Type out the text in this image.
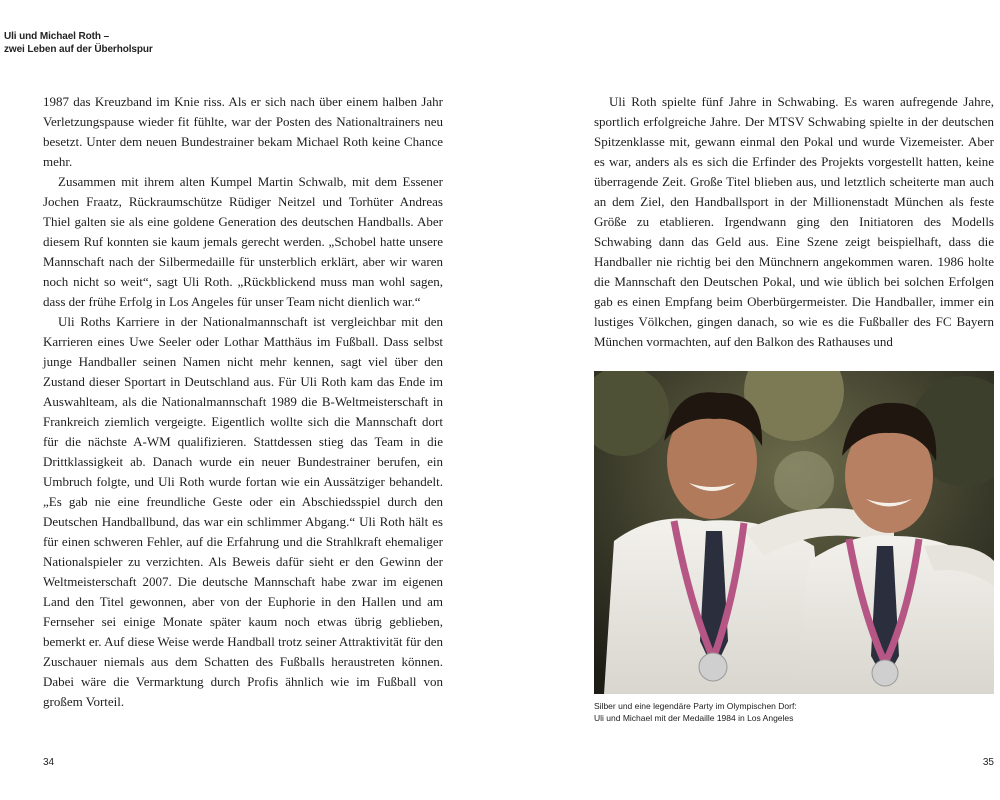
Uli und Michael Roth –
zwei Leben auf der Überholspur

1987 das Kreuzband im Knie riss. Als er sich nach über einem halben Jahr Verletzungspause wieder fit fühlte, war der Posten des Nationaltrainers neu besetzt. Unter dem neuen Bundestrainer bekam Michael Roth keine Chance mehr.

Zusammen mit ihrem alten Kumpel Martin Schwalb, mit dem Essener Jochen Fraatz, Rückraumschütze Rüdiger Neitzel und Torhüter Andreas Thiel galten sie als eine goldene Generation des deutschen Handballs. Aber diesem Ruf konnten sie kaum jemals gerecht werden. „Schobel hatte unsere Mannschaft nach der Silbermedaille für unsterblich erklärt, aber wir waren noch nicht so weit“, sagt Uli Roth. „Rückblickend muss man wohl sagen, dass der frühe Erfolg in Los Angeles für unser Team nicht dienlich war.“

Uli Roths Karriere in der Nationalmannschaft ist vergleichbar mit den Karrieren eines Uwe Seeler oder Lothar Matthäus im Fußball. Dass selbst junge Handballer seinen Namen nicht mehr kennen, sagt viel über den Zustand dieser Sportart in Deutschland aus. Für Uli Roth kam das Ende im Auswahlteam, als die Nationalmannschaft 1989 die B-Weltmeisterschaft in Frankreich ziemlich vergeigte. Eigentlich wollte sich die Mannschaft dort für die nächste A-WM qualifizieren. Stattdessen stieg das Team in die Drittklassigkeit ab. Danach wurde ein neuer Bundestrainer berufen, ein Umbruch folgte, und Uli Roth wurde fortan wie ein Aussätziger behandelt. „Es gab nie eine freundliche Geste oder ein Abschiedsspiel durch den Deutschen Handballbund, das war ein schlimmer Abgang.“ Uli Roth hält es für einen schweren Fehler, auf die Erfahrung und die Strahlkraft ehemaliger Nationalspieler zu verzichten. Als Beweis dafür sieht er den Gewinn der Weltmeisterschaft 2007. Die deutsche Mannschaft habe zwar im eigenen Land den Titel gewonnen, aber von der Euphorie in den Hallen und am Fernseher sei einige Monate später kaum noch etwas übrig geblieben, bemerkt er. Auf diese Weise werde Handball trotz seiner Attraktivität für den Zuschauer niemals aus dem Schatten des Fußballs heraustreten können. Dabei wäre die Vermarktung durch Profis ähnlich wie im Fußball von großem Vorteil.

Uli Roth spielte fünf Jahre in Schwabing. Es waren aufregende Jahre, sportlich erfolgreiche Jahre. Der MTSV Schwabing spielte in der deutschen Spitzenklasse mit, gewann einmal den Pokal und wurde Vizemeister. Aber es war, anders als es sich die Erfinder des Projekts vorgestellt hatten, keine überragende Zeit. Große Titel blieben aus, und letztlich scheiterte man auch an dem Ziel, den Handballsport in der Millionenstadt München als feste Größe zu etablieren. Irgendwann ging den Initiatoren des Modells Schwabing dann das Geld aus. Eine Szene zeigt beispielhaft, dass die Handballer nie richtig bei den Münchnern angekommen waren. 1986 holte die Mannschaft den Deutschen Pokal, und wie üblich bei solchen Erfolgen gab es einen Empfang beim Oberbürgermeister. Die Handballer, immer ein lustiges Völkchen, gingen danach, so wie es die Fußballer des FC Bayern München vormachten, auf den Balkon des Rathauses und

Silber und eine legendäre Party im Olympischen Dorf:
Uli und Michael mit der Medaille 1984 in Los Angeles
34	35
